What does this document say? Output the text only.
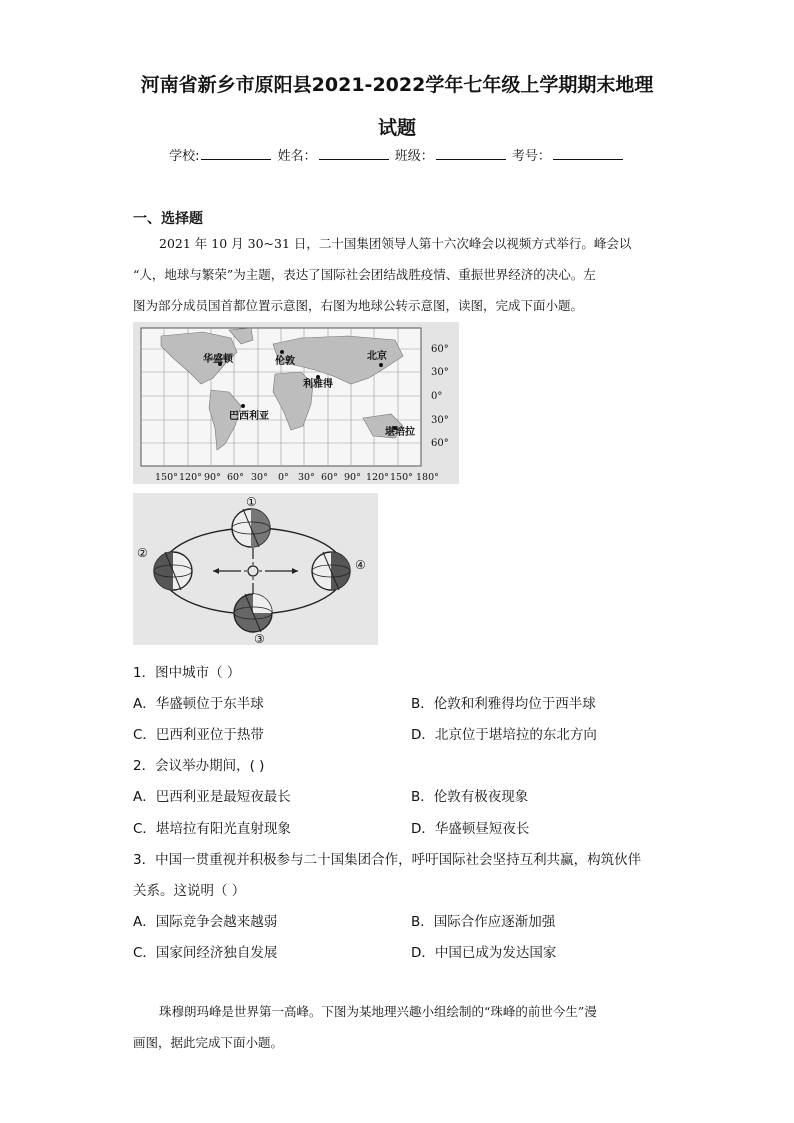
河南省新乡市原阳县2021-2022学年七年级上学期期末地理
试题
学校:	姓名：	班级：	考号：
一、选择题
2021 年 10 月 30~31 日，二十国集团领导人第十六次峰会以视频方式举行。峰会以
“人，地球与繁荣”为主题，表达了国际社会团结战胜疫情、重振世界经济的决心。左
图为部分成员国首都位置示意图，右图为地球公转示意图，读图，完成下面小题。
华盛顿	伦敦	北京
利雅得
巴西利亚
堪培拉
60°
30°
0°
30°
60°
150° 120° 90° 60° 30° 0° 30° 60° 90° 120° 150° 180°
①
②
③
④
1．图中城市（ ）
A．华盛顿位于东半球	B．伦敦和利雅得均位于西半球
C．巴西利亚位于热带	D．北京位于堪培拉的东北方向
2．会议举办期间，( )
A．巴西利亚是最短夜最长	B．伦敦有极夜现象
C．堪培拉有阳光直射现象	D．华盛顿昼短夜长
3．中国一贯重视并积极参与二十国集团合作，呼吁国际社会坚持互利共赢，构筑伙伴
关系。这说明（ ）
A．国际竞争会越来越弱	B．国际合作应逐渐加强
C．国家间经济独自发展	D．中国已成为发达国家
珠穆朗玛峰是世界第一高峰。下图为某地理兴趣小组绘制的“珠峰的前世今生”漫
画图，据此完成下面小题。
